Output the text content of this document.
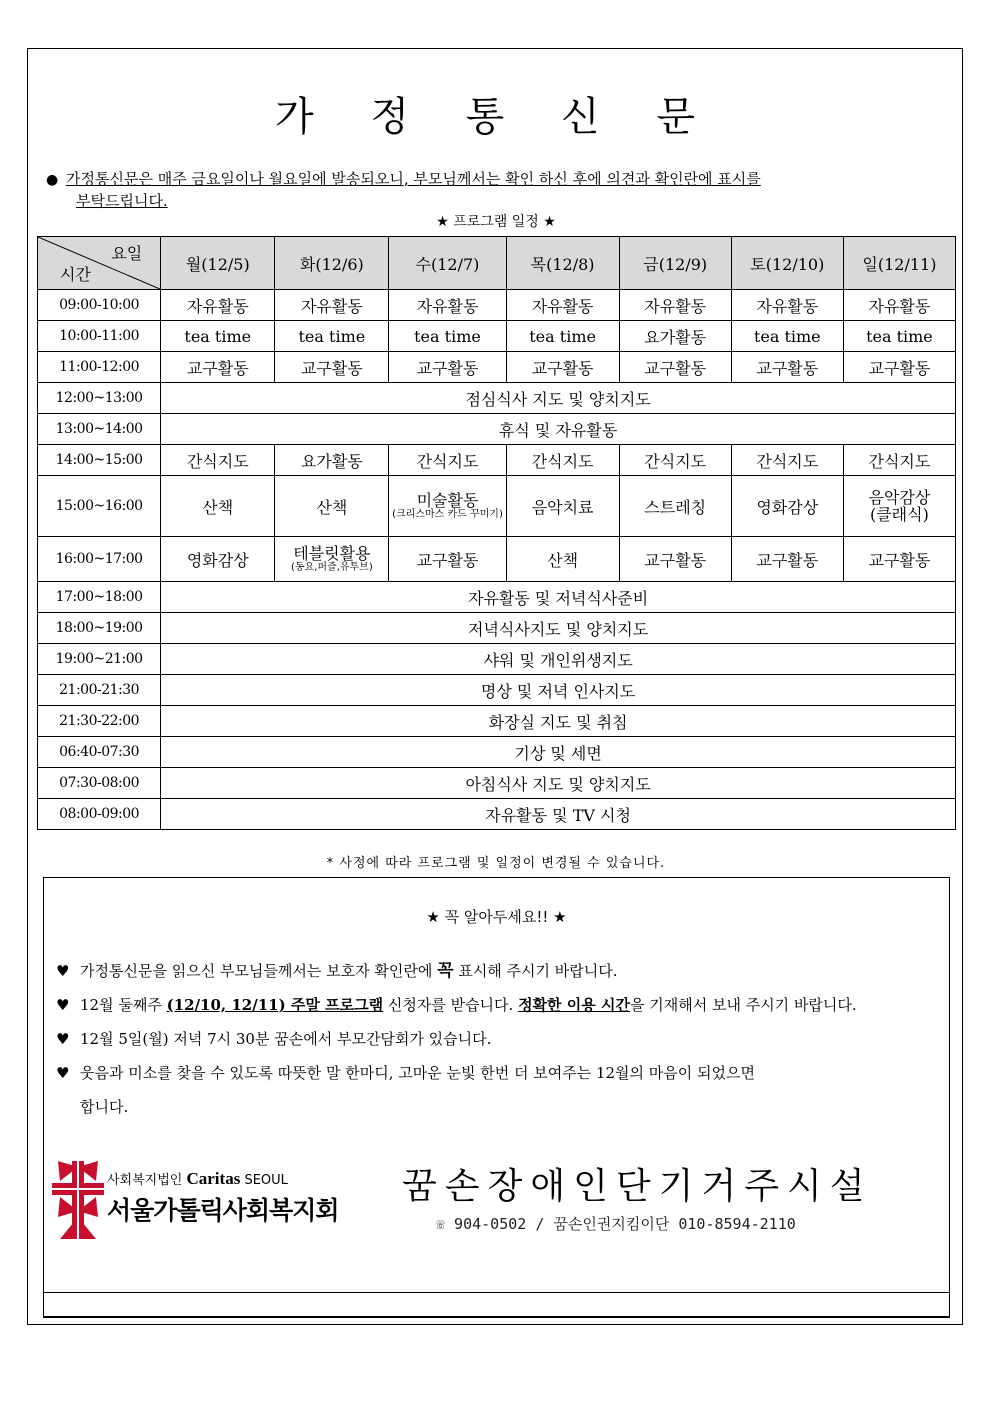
가 정 통 신 문
● 가정통신문은 매주 금요일이나 월요일에 발송되오니, 부모님께서는 확인 하신 후에 의견과 확인란에 표시를
부탁드립니다.
★ 프로그램 일정 ★
요일
시간	월(12/5)	화(12/6)	수(12/7)	목(12/8)	금(12/9)	토(12/10)	일(12/11)
09:00-10:00	자유활동	자유활동	자유활동	자유활동	자유활동	자유활동	자유활동
10:00-11:00	tea time	tea time	tea time	tea time	요가활동	tea time	tea time
11:00-12:00	교구활동	교구활동	교구활동	교구활동	교구활동	교구활동	교구활동
12:00~13:00	점심식사 지도 및 양치지도						
13:00~14:00	휴식 및 자유활동						
14:00~15:00	간식지도	요가활동	간식지도	간식지도	간식지도	간식지도	간식지도
15:00~16:00	산책	산책	미술활동
(크리스마스 카드 꾸미기)	음악치료	스트레칭	영화감상	음악감상
(클래식)

16:00~17:00	영화감상	테블릿활용
(동요,퍼즐,유투브)	교구활동	산책	교구활동	교구활동	교구활동
17:00~18:00	자유활동 및 저녁식사준비						
18:00~19:00	저녁식사지도 및 양치지도						
19:00~21:00	샤워 및 개인위생지도						
21:00-21:30	명상 및 저녁 인사지도						
21:30-22:00	화장실 지도 및 취침						
06:40-07:30	기상 및 세면						
07:30-08:00	아침식사 지도 및 양치지도						
08:00-09:00	자유활동 및 TV 시청						
* 사정에 따라 프로그램 및 일정이 변경될 수 있습니다.
★ 꼭 알아두세요!! ★
♥ 가정통신문을 읽으신 부모님들께서는 보호자 확인란에 꼭 표시해 주시기 바랍니다.
♥ 12월 둘째주 (12/10, 12/11) 주말 프로그램 신청자를 받습니다. 정확한 이용 시간을 기재해서 보내 주시기 바랍니다.
♥ 12월 5일(월) 저녁 7시 30분 꿈손에서 부모간담회가 있습니다.
♥ 웃음과 미소를 찾을 수 있도록 따뜻한 말 한마디, 고마운 눈빛 한번 더 보여주는 12월의 마음이 되었으면
합니다.
사회복지법인 Caritas SEOUL
서울가톨릭사회복지회
꿈손장애인단기거주시설
☏ 904-0502 / 꿈손인권지킴이단 010-8594-2110
